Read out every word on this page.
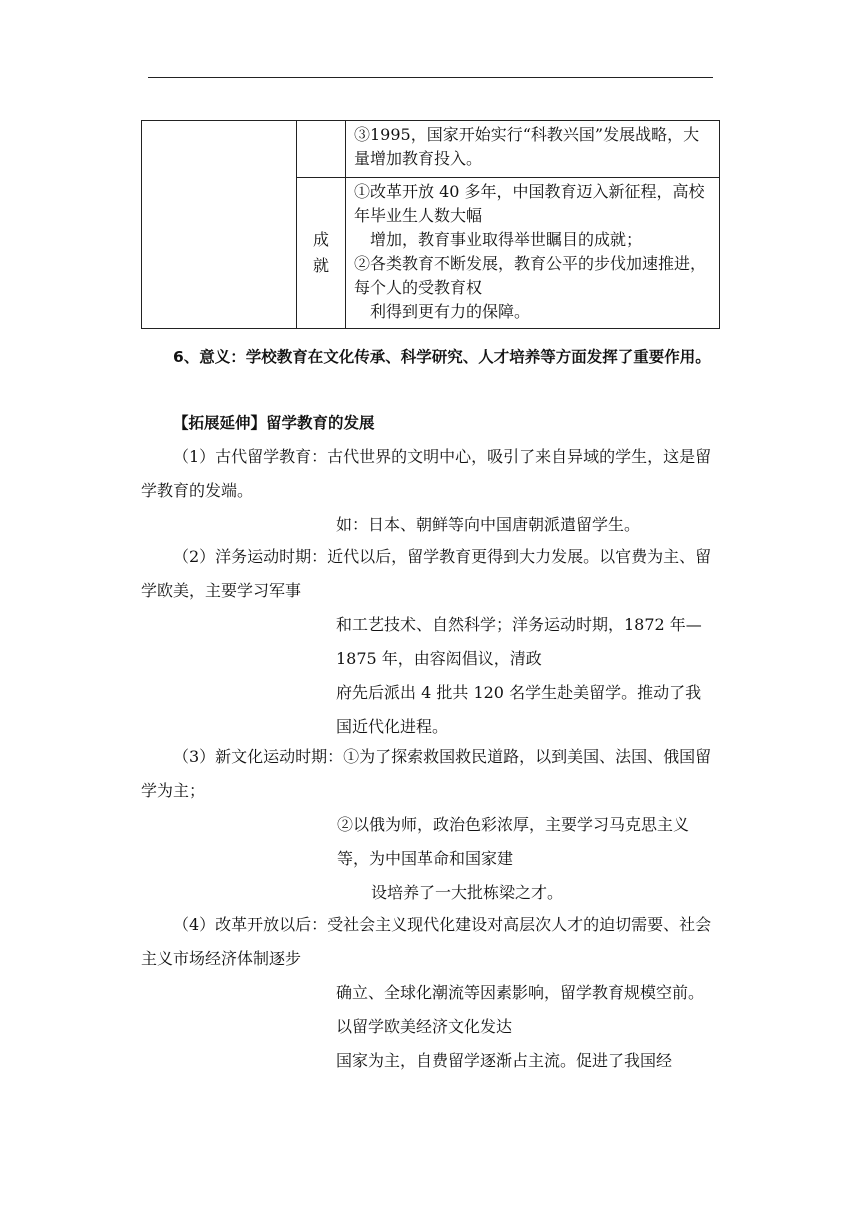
		③1995，国家开始实行“科教兴国”发展战略，大量增加教育投入。

	成就	①改革开放 40 多年，中国教育迈入新征程，高校年毕业生人数大幅
　增加，教育事业取得举世瞩目的成就；
②各类教育不断发展，教育公平的步伐加速推进，每个人的受教育权
　利得到更有力的保障。

6、意义：学校教育在文化传承、科学研究、人才培养等方面发挥了重要作用。

【拓展延伸】留学教育的发展

（1）古代留学教育：古代世界的文明中心，吸引了来自异域的学生，这是留学教育的发端。
如：日本、朝鲜等向中国唐朝派遣留学生。
（2）洋务运动时期：近代以后，留学教育更得到大力发展。以官费为主、留学欧美，主要学习军事
和工艺技术、自然科学；洋务运动时期，1872 年—1875 年，由容闳倡议，清政
府先后派出 4 批共 120 名学生赴美留学。推动了我国近代化进程。
（3）新文化运动时期：①为了探索救国救民道路，以到美国、法国、俄国留学为主；
②以俄为师，政治色彩浓厚，主要学习马克思主义等，为中国革命和国家建
设培养了一大批栋梁之才。
（4）改革开放以后：受社会主义现代化建设对高层次人才的迫切需要、社会主义市场经济体制逐步
确立、全球化潮流等因素影响，留学教育规模空前。以留学欧美经济文化发达
国家为主，自费留学逐渐占主流。促进了我国经
